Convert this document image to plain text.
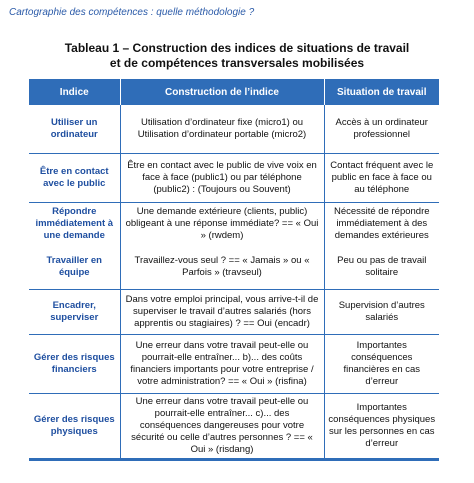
Cartographie des compétences : quelle méthodologie ?
Tableau 1 – Construction des indices de situations de travail
et de compétences transversales mobilisées
Indice	Construction de l’indice	Situation de travail
Utiliser un ordinateur	Utilisation d’ordinateur fixe (micro1) ou Utilisation d’ordinateur portable (micro2)	Accès à un ordinateur professionnel
Être en contact avec le public	Être en contact avec le public de vive voix en face à face (public1) ou par téléphone (public2) : (Toujours ou Souvent)	Contact fréquent avec le public en face à face ou au téléphone
Répondre immédiatement à une demande	Une demande extérieure (clients, public) obligeant à une réponse immédiate? == « Oui » (rwdem)	Nécessité de répondre immédiatement à des demandes extérieures
Travailler en équipe	Travaillez-vous seul ? == « Jamais » ou « Parfois » (travseul)	Peu ou pas de travail solitaire
Encadrer, superviser	Dans votre emploi principal, vous arrive-t-il de superviser le travail d’autres salariés (hors apprentis ou stagiaires) ? == Oui (encadr)	Supervision d’autres salariés
Gérer des risques financiers	Une erreur dans votre travail peut-elle ou pourrait-elle entraîner... b)... des coûts financiers importants pour votre entreprise / votre administration? == « Oui » (risfina)	Importantes conséquences financières en cas d’erreur
Gérer des risques physiques	Une erreur dans votre travail peut-elle ou pourrait-elle entraîner... c)... des conséquences dangereuses pour votre sécurité ou celle d’autres personnes ? == « Oui » (risdang)	Importantes conséquences physiques sur les personnes en cas d’erreur
